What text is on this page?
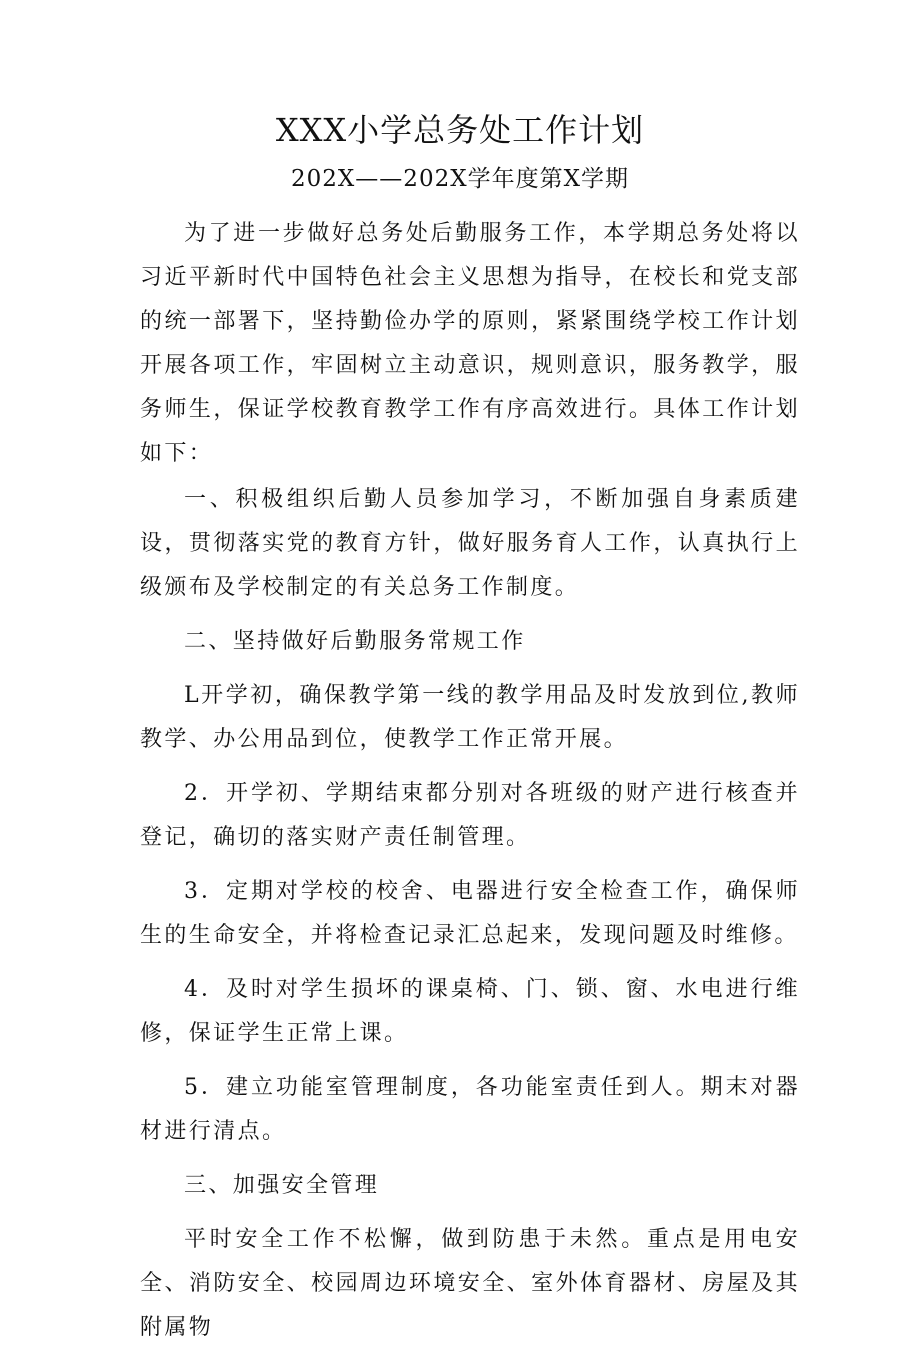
XXX小学总务处工作计划
202X——202X学年度第X学期

为了进一步做好总务处后勤服务工作，本学期总务处将以习近平新时代中国特色社会主义思想为指导，在校长和党支部的统一部署下，坚持勤俭办学的原则，紧紧围绕学校工作计划开展各项工作，牢固树立主动意识，规则意识，服务教学，服务师生，保证学校教育教学工作有序高效进行。具体工作计划如下：

一、积极组织后勤人员参加学习，不断加强自身素质建设，贯彻落实党的教育方针，做好服务育人工作，认真执行上级颁布及学校制定的有关总务工作制度。

二、坚持做好后勤服务常规工作

L开学初，确保教学第一线的教学用品及时发放到位,教师教学、办公用品到位，使教学工作正常开展。

2．开学初、学期结束都分别对各班级的财产进行核查并登记，确切的落实财产责任制管理。

3．定期对学校的校舍、电器进行安全检查工作，确保师生的生命安全，并将检查记录汇总起来，发现问题及时维修。

4．及时对学生损坏的课桌椅、门、锁、窗、水电进行维修，保证学生正常上课。

5．建立功能室管理制度，各功能室责任到人。期末对器材进行清点。

三、加强安全管理

平时安全工作不松懈，做到防患于未然。重点是用电安全、消防安全、校园周边环境安全、室外体育器材、房屋及其附属物
